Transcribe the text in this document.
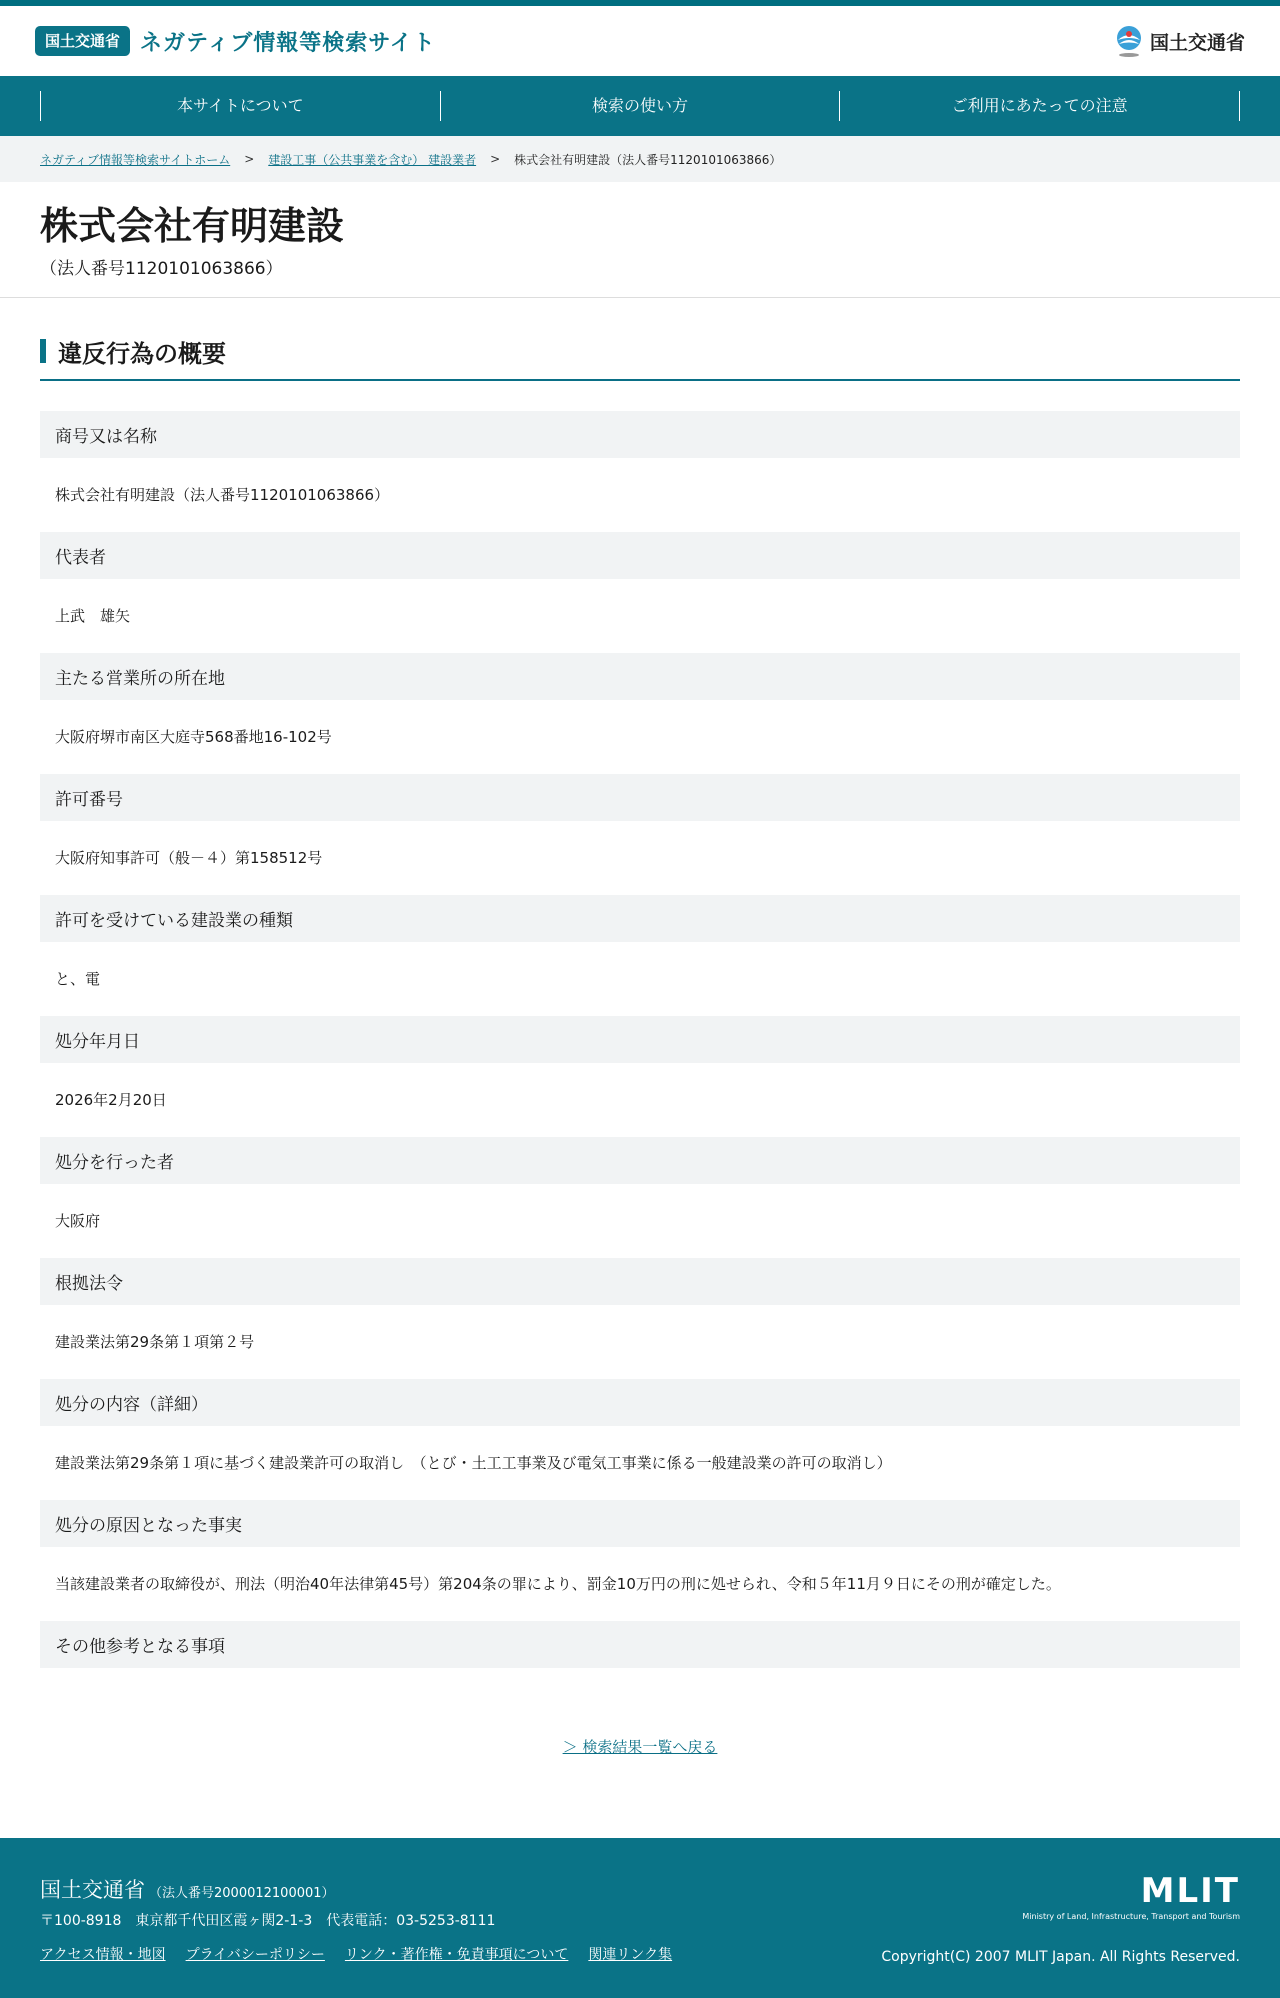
国土交通省 ネガティブ情報等検索サイト	国土交通省
本サイトについて	検索の使い方	ご利用にあたっての注意
ネガティブ情報等検索サイトホーム > 建設工事（公共事業を含む） 建設業者 > 株式会社有明建設（法人番号1120101063866）
株式会社有明建設
（法人番号1120101063866）
違反行為の概要
商号又は名称
株式会社有明建設（法人番号1120101063866）
代表者
上武　雄矢
主たる営業所の所在地
大阪府堺市南区大庭寺568番地16-102号
許可番号
大阪府知事許可（般－４）第158512号
許可を受けている建設業の種類
と、電
処分年月日
2026年2月20日
処分を行った者
大阪府
根拠法令
建設業法第29条第１項第２号
処分の内容（詳細）
建設業法第29条第１項に基づく建設業許可の取消し　（とび・土工工事業及び電気工事業に係る一般建設業の許可の取消し）
処分の原因となった事実
当該建設業者の取締役が、刑法（明治40年法律第45号）第204条の罪により、罰金10万円の刑に処せられ、令和５年11月９日にその刑が確定した。
その他参考となる事項
＞ 検索結果一覧へ戻る
国土交通省 （法人番号2000012100001）
〒100-8918　東京都千代田区霞ヶ関2-1-3　代表電話：03-5253-8111
アクセス情報・地図 プライバシーポリシー リンク・著作権・免責事項について 関連リンク集
MLIT
Ministry of Land, Infrastructure, Transport and Tourism
Copyright(C) 2007 MLIT Japan. All Rights Reserved.
